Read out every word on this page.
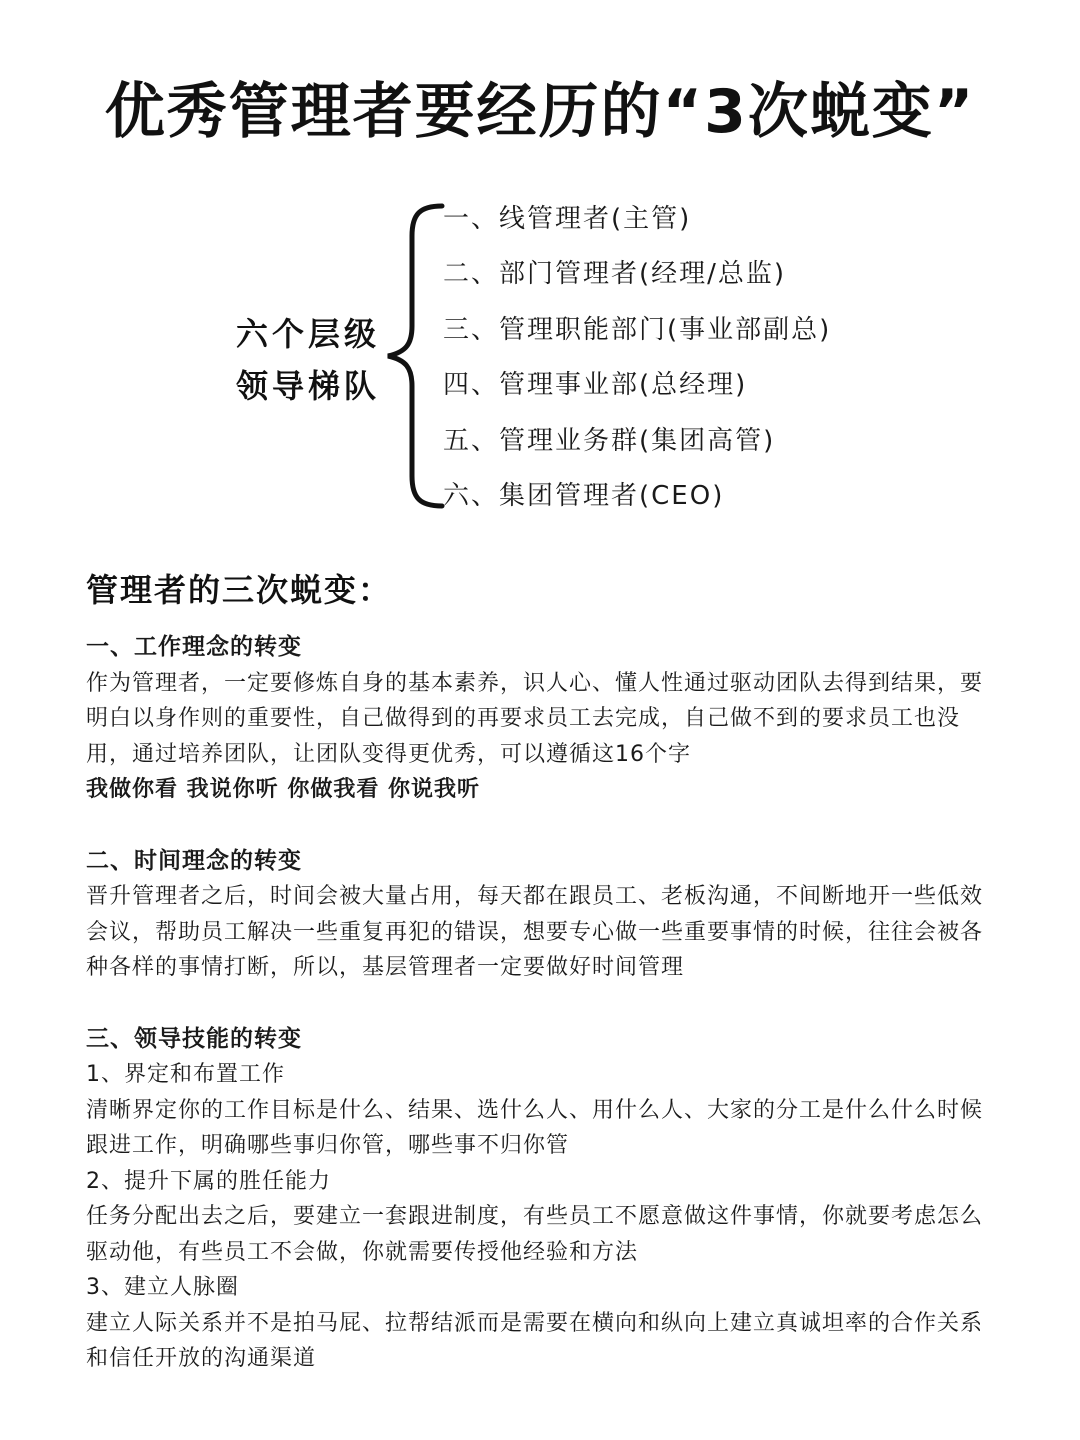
优秀管理者要经历的“3次蜕变”
六个层级
领导梯队
一、线管理者(主管)
二、部门管理者(经理/总监)
三、管理职能部门(事业部副总)
四、管理事业部(总经理)
五、管理业务群(集团高管)
六、集团管理者(CEO)
管理者的三次蜕变：

一、工作理念的转变

作为管理者，一定要修炼自身的基本素养，识人心、懂人性通过驱动团队去得到结果，要明白以身作则的重要性，自己做得到的再要求员工去完成，自己做不到的要求员工也没用，通过培养团队，让团队变得更优秀，可以遵循这16个字

我做你看 我说你听 你做我看 你说我听

二、时间理念的转变

晋升管理者之后，时间会被大量占用，每天都在跟员工、老板沟通，不间断地开一些低效会议，帮助员工解决一些重复再犯的错误，想要专心做一些重要事情的时候，往往会被各种各样的事情打断，所以，基层管理者一定要做好时间管理

三、领导技能的转变

1、界定和布置工作

清晰界定你的工作目标是什么、结果、选什么人、用什么人、大家的分工是什么什么时候跟进工作，明确哪些事归你管，哪些事不归你管

2、提升下属的胜任能力

任务分配出去之后，要建立一套跟进制度，有些员工不愿意做这件事情，你就要考虑怎么驱动他，有些员工不会做，你就需要传授他经验和方法

3、建立人脉圈

建立人际关系并不是拍马屁、拉帮结派而是需要在横向和纵向上建立真诚坦率的合作关系和信任开放的沟通渠道
